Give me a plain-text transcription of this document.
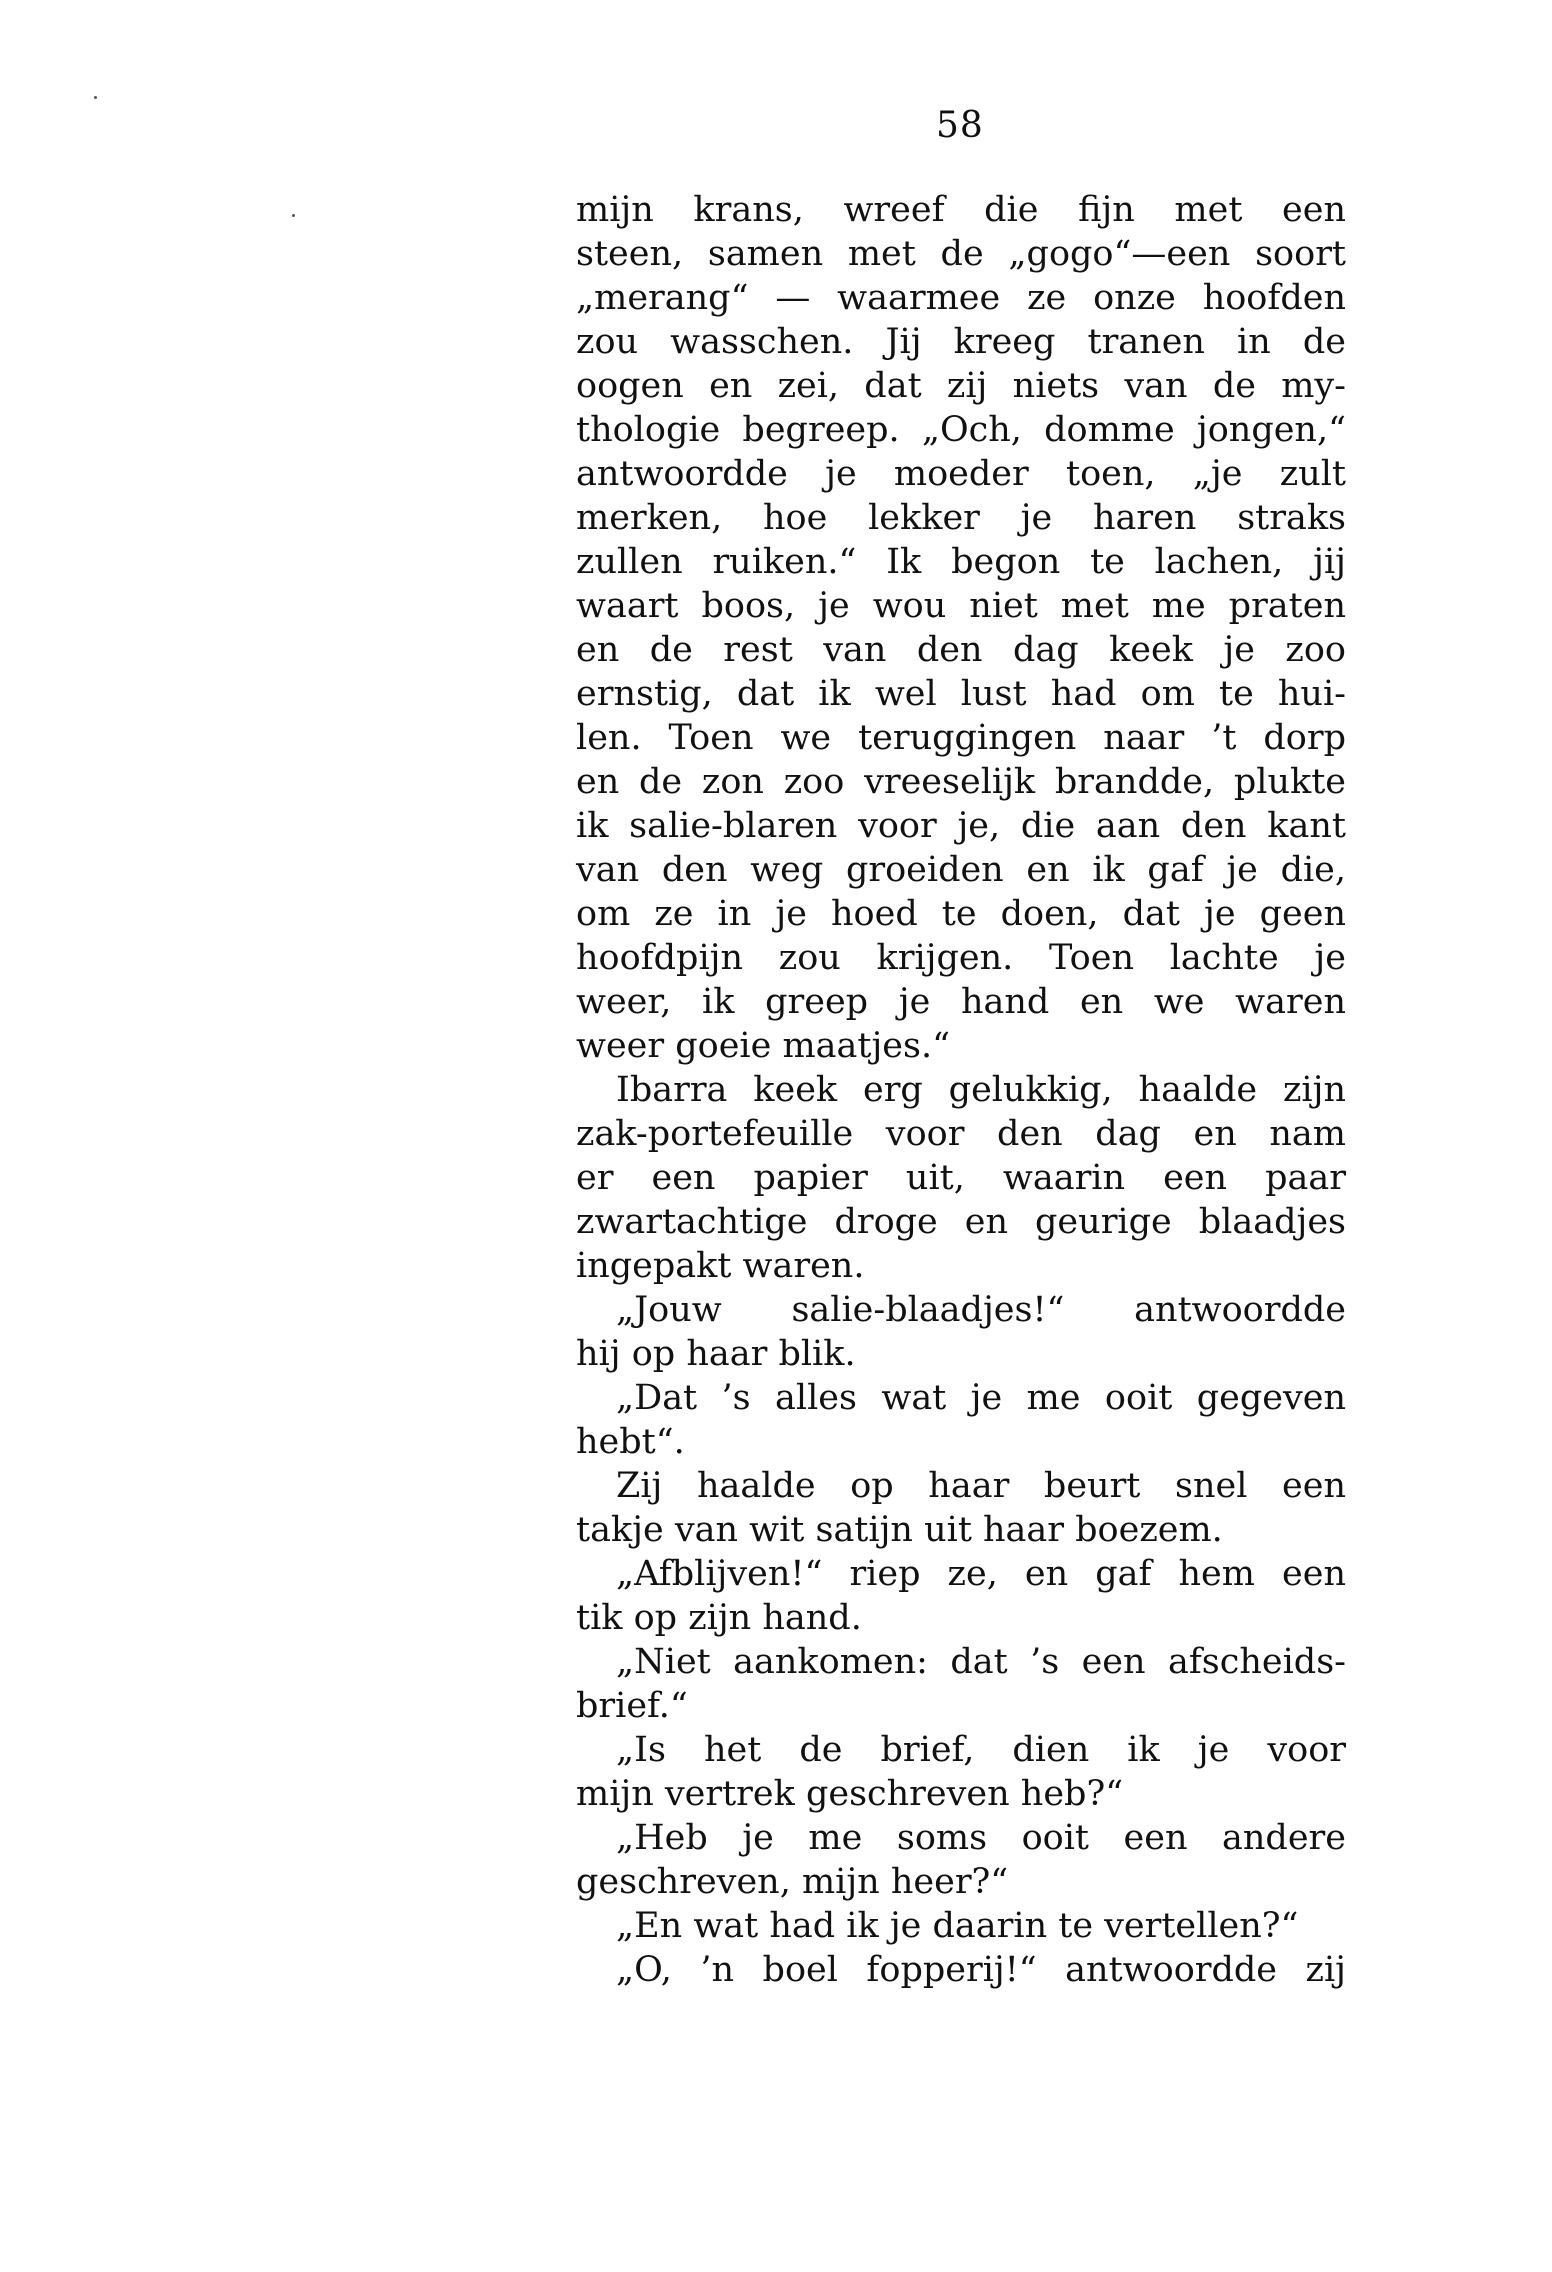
58
mijn krans, wreef die fijn met een
steen, samen met de „gogo“—een soort
„merang“ — waarmee ze onze hoofden
zou wasschen. Jij kreeg tranen in de
oogen en zei, dat zij niets van de my-
thologie begreep. „Och, domme jongen,“
antwoordde je moeder toen, „je zult
merken, hoe lekker je haren straks
zullen ruiken.“ Ik begon te lachen, jij
waart boos, je wou niet met me praten
en de rest van den dag keek je zoo
ernstig, dat ik wel lust had om te hui-
len. Toen we teruggingen naar ’t dorp
en de zon zoo vreeselijk brandde, plukte
ik salie-blaren voor je, die aan den kant
van den weg groeiden en ik gaf je die,
om ze in je hoed te doen, dat je geen
hoofdpijn zou krijgen. Toen lachte je
weer, ik greep je hand en we waren
weer goeie maatjes.“
Ibarra keek erg gelukkig, haalde zijn
zak-portefeuille voor den dag en nam
er een papier uit, waarin een paar
zwartachtige droge en geurige blaadjes
ingepakt waren.
„Jouw salie-blaadjes!“ antwoordde
hij op haar blik.
„Dat ’s alles wat je me ooit gegeven
hebt“.
Zij haalde op haar beurt snel een
takje van wit satijn uit haar boezem.
„Afblijven!“ riep ze, en gaf hem een
tik op zijn hand.
„Niet aankomen: dat ’s een afscheids-
brief.“
„Is het de brief, dien ik je voor
mijn vertrek geschreven heb?“
„Heb je me soms ooit een andere
geschreven, mijn heer?“
„En wat had ik je daarin te vertellen?“
„O, ’n boel fopperij!“ antwoordde zij
